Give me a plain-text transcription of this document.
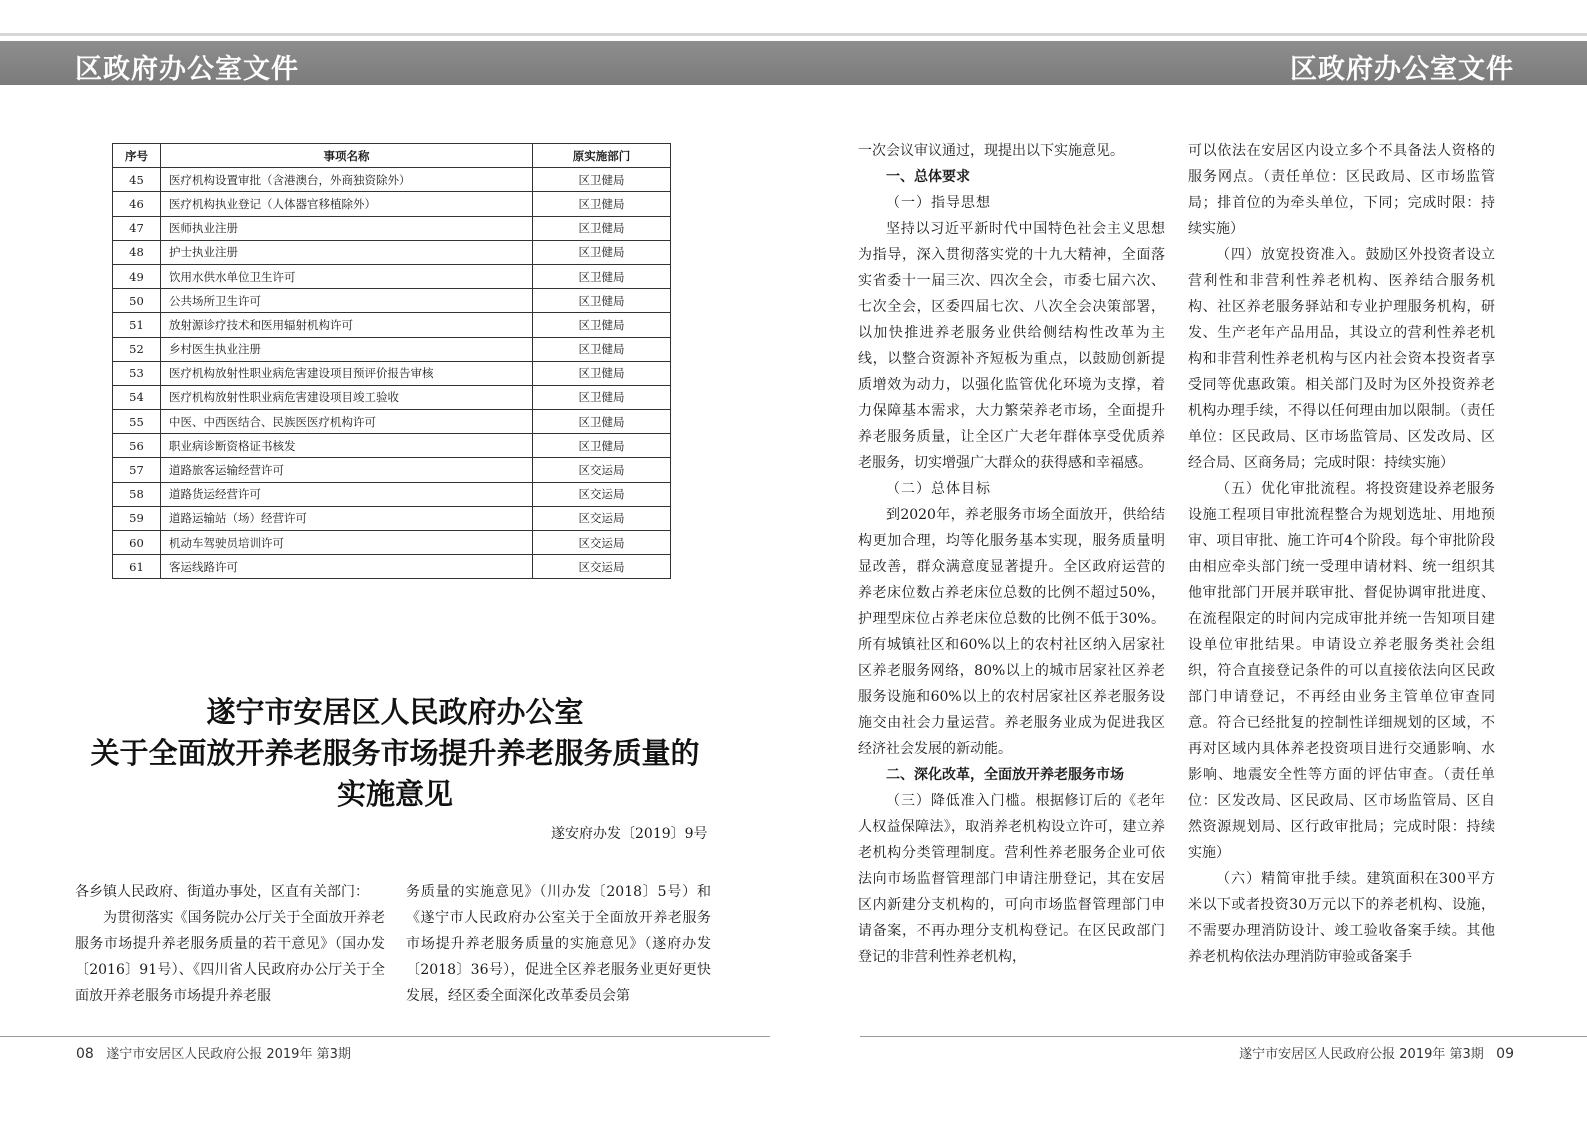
区政府办公室文件	区政府办公室文件
序号	事项名称	原实施部门
45	医疗机构设置审批（含港澳台，外商独资除外）	区卫健局
46	医疗机构执业登记（人体器官移植除外）	区卫健局
47	医师执业注册	区卫健局
48	护士执业注册	区卫健局
49	饮用水供水单位卫生许可	区卫健局
50	公共场所卫生许可	区卫健局
51	放射源诊疗技术和医用辐射机构许可	区卫健局
52	乡村医生执业注册	区卫健局
53	医疗机构放射性职业病危害建设项目预评价报告审核	区卫健局
54	医疗机构放射性职业病危害建设项目竣工验收	区卫健局
55	中医、中西医结合、民族医医疗机构许可	区卫健局
56	职业病诊断资格证书核发	区卫健局
57	道路旅客运输经营许可	区交运局
58	道路货运经营许可	区交运局
59	道路运输站（场）经营许可	区交运局
60	机动车驾驶员培训许可	区交运局
61	客运线路许可	区交运局
遂宁市安居区人民政府办公室
关于全面放开养老服务市场提升养老服务质量的
实施意见
遂安府办发〔2019〕9号

各乡镇人民政府、街道办事处，区直有关部门：

为贯彻落实《国务院办公厅关于全面放开养老服务市场提升养老服务质量的若干意见》（国办发〔2016〕91号）、《四川省人民政府办公厅关于全面放开养老服务市场提升养老服

务质量的实施意见》（川办发〔2018〕5号）和《遂宁市人民政府办公室关于全面放开养老服务市场提升养老服务质量的实施意见》（遂府办发〔2018〕36号），促进全区养老服务业更好更快发展，经区委全面深化改革委员会第

一次会议审议通过，现提出以下实施意见。

一、总体要求

（一）指导思想

坚持以习近平新时代中国特色社会主义思想为指导，深入贯彻落实党的十九大精神，全面落实省委十一届三次、四次全会，市委七届六次、七次全会，区委四届七次、八次全会决策部署，以加快推进养老服务业供给侧结构性改革为主线，以整合资源补齐短板为重点，以鼓励创新提质增效为动力，以强化监管优化环境为支撑，着力保障基本需求，大力繁荣养老市场，全面提升养老服务质量，让全区广大老年群体享受优质养老服务，切实增强广大群众的获得感和幸福感。

（二）总体目标

到2020年，养老服务市场全面放开，供给结构更加合理，均等化服务基本实现，服务质量明显改善，群众满意度显著提升。全区政府运营的养老床位数占养老床位总数的比例不超过50%，护理型床位占养老床位总数的比例不低于30%。所有城镇社区和60%以上的农村社区纳入居家社区养老服务网络，80%以上的城市居家社区养老服务设施和60%以上的农村居家社区养老服务设施交由社会力量运营。养老服务业成为促进我区经济社会发展的新动能。

二、深化改革，全面放开养老服务市场

（三）降低准入门槛。根据修订后的《老年人权益保障法》，取消养老机构设立许可，建立养老机构分类管理制度。营利性养老服务企业可依法向市场监督管理部门申请注册登记，其在安居区内新建分支机构的，可向市场监督管理部门申请备案，不再办理分支机构登记。在区民政部门登记的非营利性养老机构，

可以依法在安居区内设立多个不具备法人资格的服务网点。（责任单位：区民政局、区市场监管局；排首位的为牵头单位，下同；完成时限：持续实施）

（四）放宽投资准入。鼓励区外投资者设立营利性和非营利性养老机构、医养结合服务机构、社区养老服务驿站和专业护理服务机构，研发、生产老年产品用品，其设立的营利性养老机构和非营利性养老机构与区内社会资本投资者享受同等优惠政策。相关部门及时为区外投资养老机构办理手续，不得以任何理由加以限制。（责任单位：区民政局、区市场监管局、区发改局、区经合局、区商务局；完成时限：持续实施）

（五）优化审批流程。将投资建设养老服务设施工程项目审批流程整合为规划选址、用地预审、项目审批、施工许可4个阶段。每个审批阶段由相应牵头部门统一受理申请材料、统一组织其他审批部门开展并联审批、督促协调审批进度、在流程限定的时间内完成审批并统一告知项目建设单位审批结果。申请设立养老服务类社会组织，符合直接登记条件的可以直接依法向区民政部门申请登记，不再经由业务主管单位审查同意。符合已经批复的控制性详细规划的区域，不再对区域内具体养老投资项目进行交通影响、水影响、地震安全性等方面的评估审查。（责任单位：区发改局、区民政局、区市场监管局、区自然资源规划局、区行政审批局；完成时限：持续实施）

（六）精简审批手续。建筑面积在300平方米以下或者投资30万元以下的养老机构、设施，不需要办理消防设计、竣工验收备案手续。其他养老机构依法办理消防审验或备案手

08 遂宁市安居区人民政府公报 2019年 第3期	遂宁市安居区人民政府公报 2019年 第3期 09
